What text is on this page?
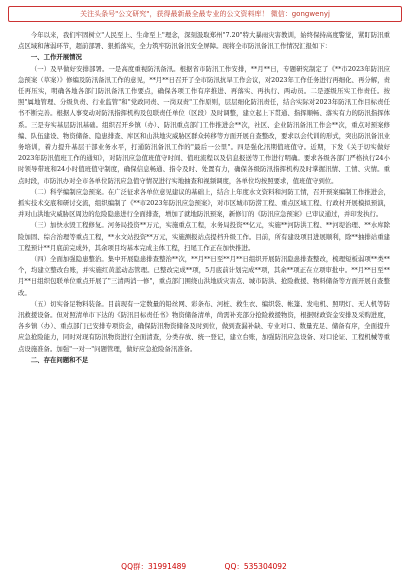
关注头条号"公文研究"，获得最新最全最专业的公文资料库！ 微信：gongwenyj

今年以来，我们牢固树立"人民至上、生命至上"理念，深刻汲取郑州"7.20"特大暴雨灾害教训，始终保持高度警觉，紧盯防汛重点区域和薄弱环节，超前部署、狠抓落实，全力筑牢防汛备汛安全屏障。现将全市防汛备汛工作情况汇报如下：

一、工作开展情况

（一）及早做好安排部署。一是高度重视防汛备汛。根据省市防汛工作安排，**月**日，专题研究制定了《**市2023年防汛应急预案（草案）》修编及防汛备汛工作的意见，**月**日召开了全市防汛抗旱工作会议，对2023年工作任务进行再细化、再分解，责任再压实，明确各地各部门防汛备汛工作要点，确保各项工作有序推进、再落实、再执行、两动员。二是逐级压实工作责任。按照"属地管理、分级负责、行业监管"和"党政同责、一岗双责"工作原则，层层细化防汛责任，结合实际对2023年防汛工作目标责任书不断完善。根据人事变动对防汛指挥机构及包联责任单位（区段）及时调整，建立起上下贯通、指挥顺畅、落实有力的防汛指挥体系。三是夯实基层防汛基础。组织召开乡镇（办）、防汛重点部门工作推进会**次，社区、企业防汛备汛工作会**次，重点对预案修编、队伍建设、物资储备、隐患排查、库区和山洪地灾威胁区群众转移等方面开展自查整改，要求以会代训的形式，突出防汛备汛业务培训，着力提升基层干部业务水平，打通防汛备汛工作的"最后一公里"。四是强化汛期值班值守。近期，下发《关于切实做好2023年防汛值班工作的通知》，对防汛应急值班值守时间、值班流程以及信息报送等工作进行明确。要求各级各部门严格执行24小时领导带班和24小时值班值守制度，确保信息畅通、指令及时、处置有力，确保各级防汛指挥机构及时掌握汛情、工情、灾情。重点时段，市防汛办对全市各单位防汛应急值守情况进行实地抽查和视频调度，各单位均按照要求，值班值守到位。

（二）科学编制应急预案。在广泛征求各单位意见建议的基础上，结合上年度水文资料和河防工情，召开预案编制工作推进会，抓实技术交底和研讨交流，组织编制了《**市2023年防汛应急预案》，对市区城市防涝工程、重点区域工程、行政村开展模拟预演，并对山洪地灾威胁区周边的危险隐患进行全面排查，增加了就地防汛预案，新修订的《防汛应急预案》已审议通过，并印发执行。

（三）加快水毁工程修复。河务局投资**万元，实施重点工程，水务局投资**亿元，实施**河防洪工程、**河堤治理、**水库除险加固、综合治理等重点工程，**水文站投资**万元，实施测报站点提档升级工作。目前，所有建设项目进展顺利，除**抽排站重建工程预计**月底前完成外，其余项目均基本完成主体工程，扫尾工作正在加快推进。

（四）全面加强隐患整治。集中开展隐患排查整治**次，**月**日至**月**日组织开展防汛隐患排查整改，梳理短板弱项**类**个，均建立整改台账，并实施红黄蓝动态管理。已整改完成**项，5月底前计划完成**项，其余**项正在立项审批中。**月**日至**月**日组织包联单位重点开展了"三清两消一修"，重点部门围绕山洪地质灾害点、城市防洪、抢险救援、物料储备等方面开展自查整改。

（五）切实备足物料装备。目前现有一定数量的铅丝网、彩条布、河桩、救生衣、编织袋、帐篷、发电机、照明灯、无人机等防汛救援设备。但对照清单市下达的《防汛目标责任书》物资储备清单，尚需补充部分抢险救援物资，根据财政资金安排及采购进度，各乡镇（办）、重点部门已安排专项资金，确保防汛物资储备及时到位，做到查漏补缺、专业对口、数量充足、储备有序，全面提升应急抢险能力，同时对现有防汛物资进行全面清查，分类存放、统一登记，建立台账，加强防汛应急设备、对口论证、工程机械等重点设施准备。加强"一对一"问题管理，做好应急抢险备汛准备。

二、存在问题和不足

QQ群：31991489	QQ：535304092
